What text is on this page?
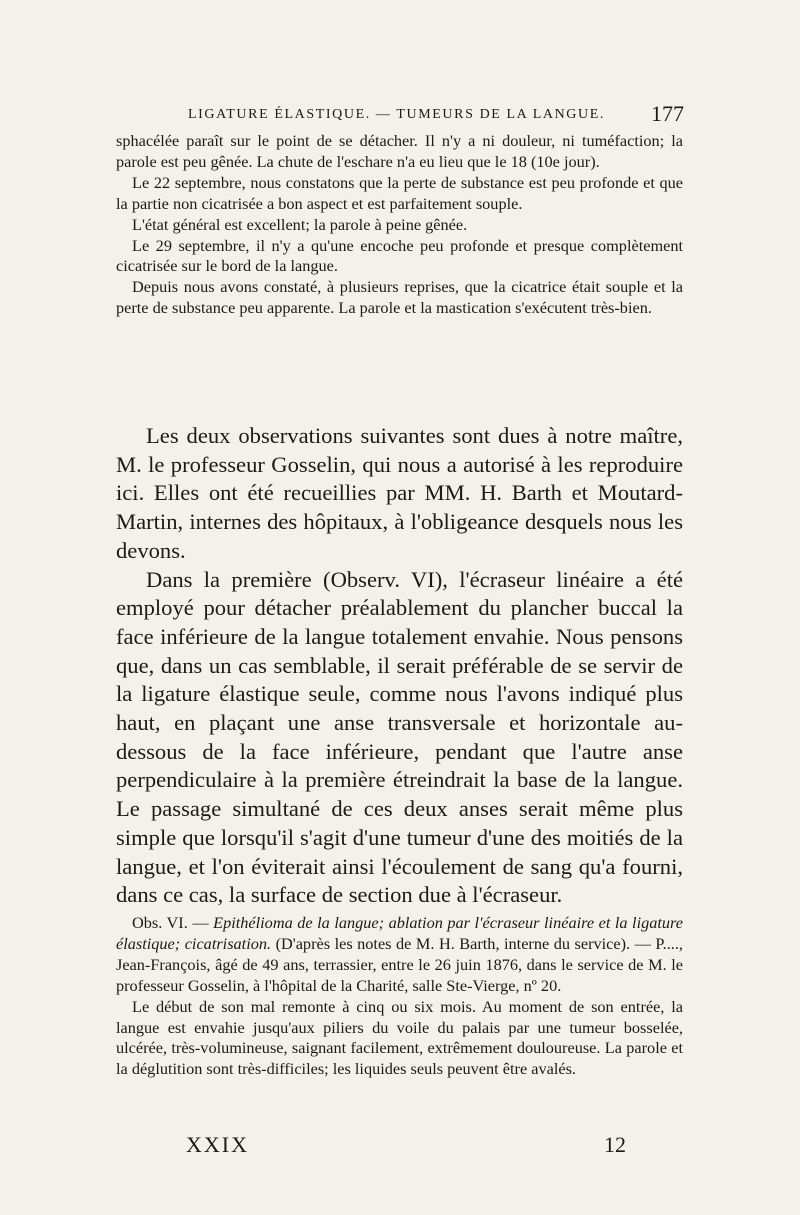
LIGATURE ÉLASTIQUE. — TUMEURS DE LA LANGUE. 177

sphacélée paraît sur le point de se détacher. Il n'y a ni douleur, ni tuméfaction; la parole est peu gênée. La chute de l'eschare n'a eu lieu que le 18 (10e jour).

Le 22 septembre, nous constatons que la perte de substance est peu profonde et que la partie non cicatrisée a bon aspect et est parfaitement souple.

L'état général est excellent; la parole à peine gênée.

Le 29 septembre, il n'y a qu'une encoche peu profonde et presque complètement cicatrisée sur le bord de la langue.

Depuis nous avons constaté, à plusieurs reprises, que la cicatrice était souple et la perte de substance peu apparente. La parole et la mastication s'exécutent très-bien.

Les deux observations suivantes sont dues à notre maître, M. le professeur Gosselin, qui nous a autorisé à les reproduire ici. Elles ont été recueillies par MM. H. Barth et Moutard-Martin, internes des hôpitaux, à l'obligeance desquels nous les devons.

Dans la première (Observ. VI), l'écraseur linéaire a été employé pour détacher préalablement du plancher buccal la face inférieure de la langue totalement envahie. Nous pensons que, dans un cas semblable, il serait préférable de se servir de la ligature élastique seule, comme nous l'avons indiqué plus haut, en plaçant une anse transversale et horizontale au-dessous de la face inférieure, pendant que l'autre anse perpendiculaire à la première étreindrait la base de la langue. Le passage simultané de ces deux anses serait même plus simple que lorsqu'il s'agit d'une tumeur d'une des moitiés de la langue, et l'on éviterait ainsi l'écoulement de sang qu'a fourni, dans ce cas, la surface de section due à l'écraseur.

Obs. VI. — Epithélioma de la langue; ablation par l'écraseur linéaire et la ligature élastique; cicatrisation. (D'après les notes de M. H. Barth, interne du service). — P...., Jean-François, âgé de 49 ans, terrassier, entre le 26 juin 1876, dans le service de M. le professeur Gosselin, à l'hôpital de la Charité, salle Ste-Vierge, nº 20.

Le début de son mal remonte à cinq ou six mois. Au moment de son entrée, la langue est envahie jusqu'aux piliers du voile du palais par une tumeur bosselée, ulcérée, très-volumineuse, saignant facilement, extrêmement douloureuse. La parole et la déglutition sont très-difficiles; les liquides seuls peuvent être avalés.

XXIX	12
